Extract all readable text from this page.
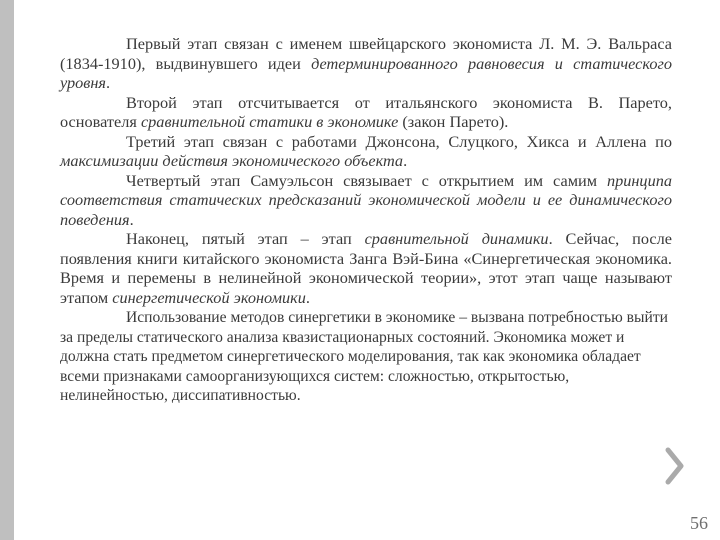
Первый этап связан с именем швейцарского экономиста Л. М. Э. Вальраса (1834-1910), выдвинувшего идеи детерминированного равновесия и статического уровня.

Второй этап отсчитывается от итальянского экономиста В. Парето, основателя сравнительной статики в экономике (закон Парето).

Третий этап связан с работами Джонсона, Слуцкого, Хикса и Аллена по максимизации действия экономического объекта.

Четвертый этап Самуэльсон связывает с открытием им самим принципа соответствия статических предсказаний экономической модели и ее динамического поведения.

Наконец, пятый этап – этап сравнительной динамики. Сейчас, после появления книги китайского экономиста Занга Вэй-Бина «Синергетическая экономика. Время и перемены в нелинейной экономической теории», этот этап чаще называют этапом синергетической экономики.

Использование методов синергетики в экономике – вызвана потребностью выйти за пределы статического анализа квазистационарных состояний. Экономика может и должна стать предметом синергетического моделирования, так как экономика обладает всеми признаками самоорганизующихся систем: сложностью, открытостью, нелинейностью, диссипативностью.

56
